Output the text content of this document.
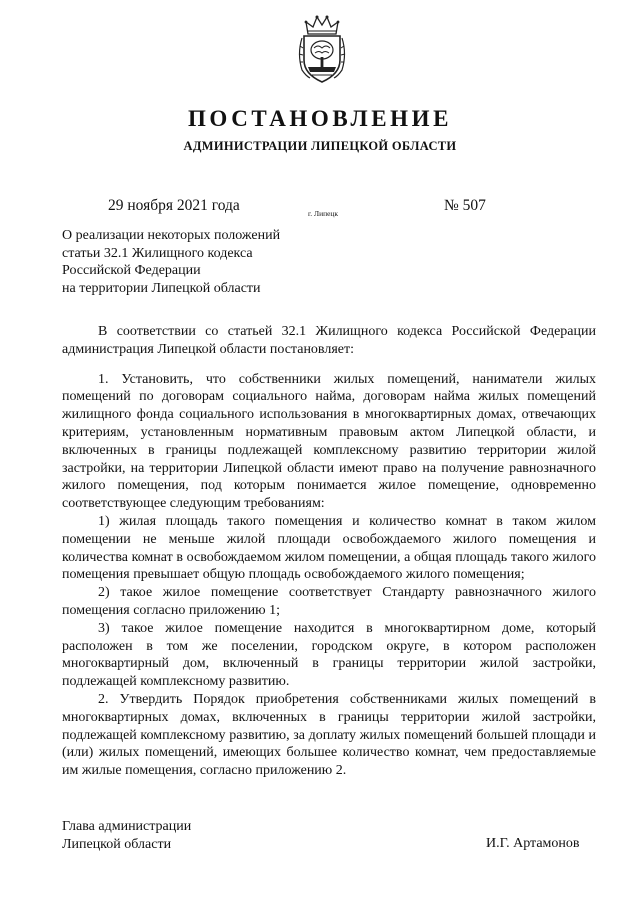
ПОСТАНОВЛЕНИЕ
АДМИНИСТРАЦИИ ЛИПЕЦКОЙ ОБЛАСТИ
29 ноября 2021 года	г. Липецк	№ 507
О реализации некоторых положений
статьи 32.1 Жилищного кодекса
Российской Федерации
на территории Липецкой области

В соответствии со статьей 32.1 Жилищного кодекса Российской Федерации администрация Липецкой области постановляет:

1. Установить, что собственники жилых помещений, наниматели жилых помещений по договорам социального найма, договорам найма жилых помещений жилищного фонда социального использования в многоквартирных домах, отвечающих критериям, установленным нормативным правовым актом Липецкой области, и включенных в границы подлежащей комплексному развитию территории жилой застройки, на территории Липецкой области имеют право на получение равнозначного жилого помещения, под которым понимается жилое помещение, одновременно соответствующее следующим требованиям:

1) жилая площадь такого помещения и количество комнат в таком жилом помещении не меньше жилой площади освобождаемого жилого помещения и количества комнат в освобождаемом жилом помещении, а общая площадь такого жилого помещения превышает общую площадь освобождаемого жилого помещения;

2) такое жилое помещение соответствует Стандарту равнозначного жилого помещения согласно приложению 1;

3) такое жилое помещение находится в многоквартирном доме, который расположен в том же поселении, городском округе, в котором расположен многоквартирный дом, включенный в границы территории жилой застройки, подлежащей комплексному развитию.

2. Утвердить Порядок приобретения собственниками жилых помещений в многоквартирных домах, включенных в границы территории жилой застройки, подлежащей комплексному развитию, за доплату жилых помещений большей площади и (или) жилых помещений, имеющих большее количество комнат, чем предоставляемые им жилые помещения, согласно приложению 2.

Глава администрации
Липецкой области	И.Г. Артамонов
